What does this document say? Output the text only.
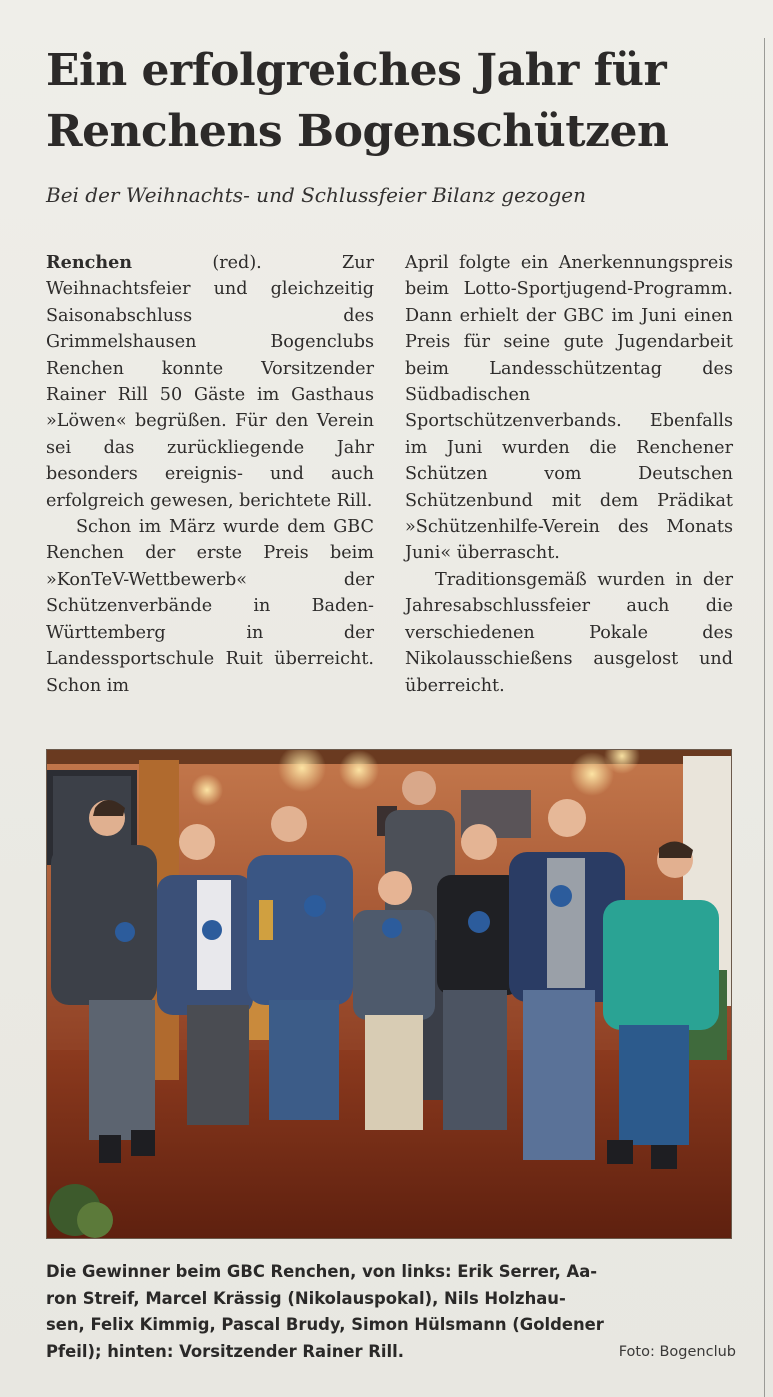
Ein erfolgreiches Jahr für
Renchens Bogenschützen

Bei der Weihnachts- und Schlussfeier Bilanz gezogen

Renchen (red). Zur Weihnachtsfeier und gleichzeitig Saisonabschluss des Grimmelshausen Bogenclubs Renchen konnte Vorsitzender Rainer Rill 50 Gäste im Gasthaus »Löwen« begrüßen. Für den Verein sei das zurückliegende Jahr besonders ereignis- und auch erfolgreich gewesen, berichtete Rill.

Schon im März wurde dem GBC Renchen der erste Preis beim »KonTeV-Wettbewerb« der Schützenverbände in Baden-Württemberg in der Landessportschule Ruit überreicht. Schon im

April folgte ein Anerkennungspreis beim Lotto-Sportjugend-Programm. Dann erhielt der GBC im Juni einen Preis für seine gute Jugendarbeit beim Landesschützentag des Südbadischen Sportschützenverbands. Ebenfalls im Juni wurden die Renchener Schützen vom Deutschen Schützenbund mit dem Prädikat »Schützenhilfe-Verein des Monats Juni« überrascht.

Traditionsgemäß wurden in der Jahresabschlussfeier auch die verschiedenen Pokale des Nikolausschießens ausgelost und überreicht.

Die Gewinner beim GBC Renchen, von links: Erik Serrer, Aa-
ron Streif, Marcel Krässig (Nikolauspokal), Nils Holzhau-
sen, Felix Kimmig, Pascal Brudy, Simon Hülsmann (Goldener
Pfeil); hinten: Vorsitzender Rainer Rill.	Foto: Bogenclub
